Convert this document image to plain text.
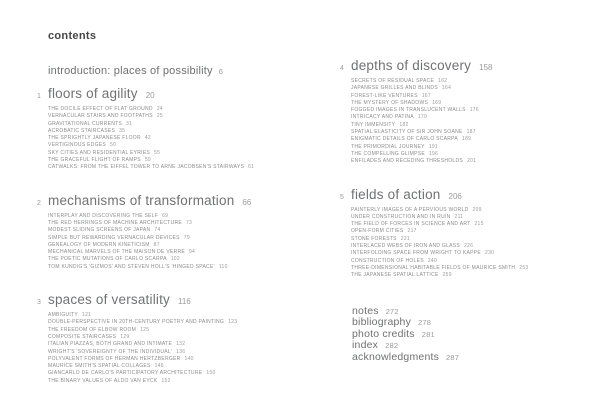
contents
introduction: places of possibility 6
1 floors of agility 20
THE DOCILE EFFECT OF FLAT GROUND 24
VERNACULAR STAIRS AND FOOTPATHS 25
GRAVITATIONAL CURRENTS 31
ACROBATIC STAIRCASES 35
THE SPRIGHTLY JAPANESE FLOOR 42
VERTIGINOUS EDGES 50
SKY CITIES AND RESIDENTIAL EYRIES 55
THE GRACEFUL FLIGHT OF RAMPS 59
CATWALKS: FROM THE EIFFEL TOWER TO ARNE JACOBSEN'S STAIRWAYS 61
2 mechanisms of transformation 66
INTERPLAY AND DISCOVERING THE SELF 69
THE RED HERRINGS OF MACHINE ARCHITECTURE 73
MODEST SLIDING SCREENS OF JAPAN 74
SIMPLE BUT REWARDING VERNACULAR DEVICES 79
GENEALOGY OF MODERN KINETICISM 87
MECHANICAL MARVELS OF THE MAISON DE VERRE 94
THE POETIC MUTATIONS OF CARLO SCARPA 102
TOM KUNDIG'S 'GIZMOS' AND STEVEN HOLL'S 'HINGED SPACE' 110
3 spaces of versatility 116
AMBIGUITY 121
DOUBLE-PERSPECTIVE IN 20TH-CENTURY POETRY AND PAINTING 123
THE FREEDOM OF ELBOW ROOM 125
COMPOSITE STAIRCASES 129
ITALIAN PIAZZAS, BOTH GRAND AND INTIMATE 132
WRIGHT'S 'SOVEREIGNTY OF THE INDIVIDUAL' 136
POLYVALENT FORMS OF HERMAN HERTZBERGER 140
MAURICE SMITH'S SPATIAL COLLAGES 146
GIANCARLO DE CARLO'S PARTICIPATORY ARCHITECTURE 150
THE BINARY VALUES OF ALDO VAN EYCK 152
4 depths of discovery 158
SECRETS OF RESIDUAL SPACE 162
JAPANESE GRILLES AND BLINDS 164
FOREST-LIKE VENTURES 167
THE MYSTERY OF SHADOWS 169
FOGGED IMAGES IN TRANSLUCENT WALLS 176
INTRICACY AND PATINA 179
TINY IMMENSITY 182
SPATIAL ELASTICITY OF SIR JOHN SOANE 187
ENIGMATIC DETAILS OF CARLO SCARPA 189
THE PRIMORDIAL JOURNEY 191
THE COMPELLING GLIMPSE 196
ENFILADES AND RECEDING THRESHOLDS 201
5 fields of action 206
PAINTERLY IMAGES OF A PERVIOUS WORLD 209
UNDER CONSTRUCTION AND IN RUIN 211
THE FIELD OF FORCES IN SCIENCE AND ART 215
OPEN-FORM CITIES 217
STONE FORESTS 221
INTERLACED WEBS OF IRON AND GLASS 226
INTERFOLDING SPACE FROM WRIGHT TO KAPPE 230
CONSTRUCTION OF HOLES 240
THREE-DIMENSIONAL HABITABLE FIELDS OF MAURICE SMITH 253
THE JAPANESE SPATIAL LATTICE 259
notes 272
bibliography 278
photo credits 281
index 282
acknowledgments 287
